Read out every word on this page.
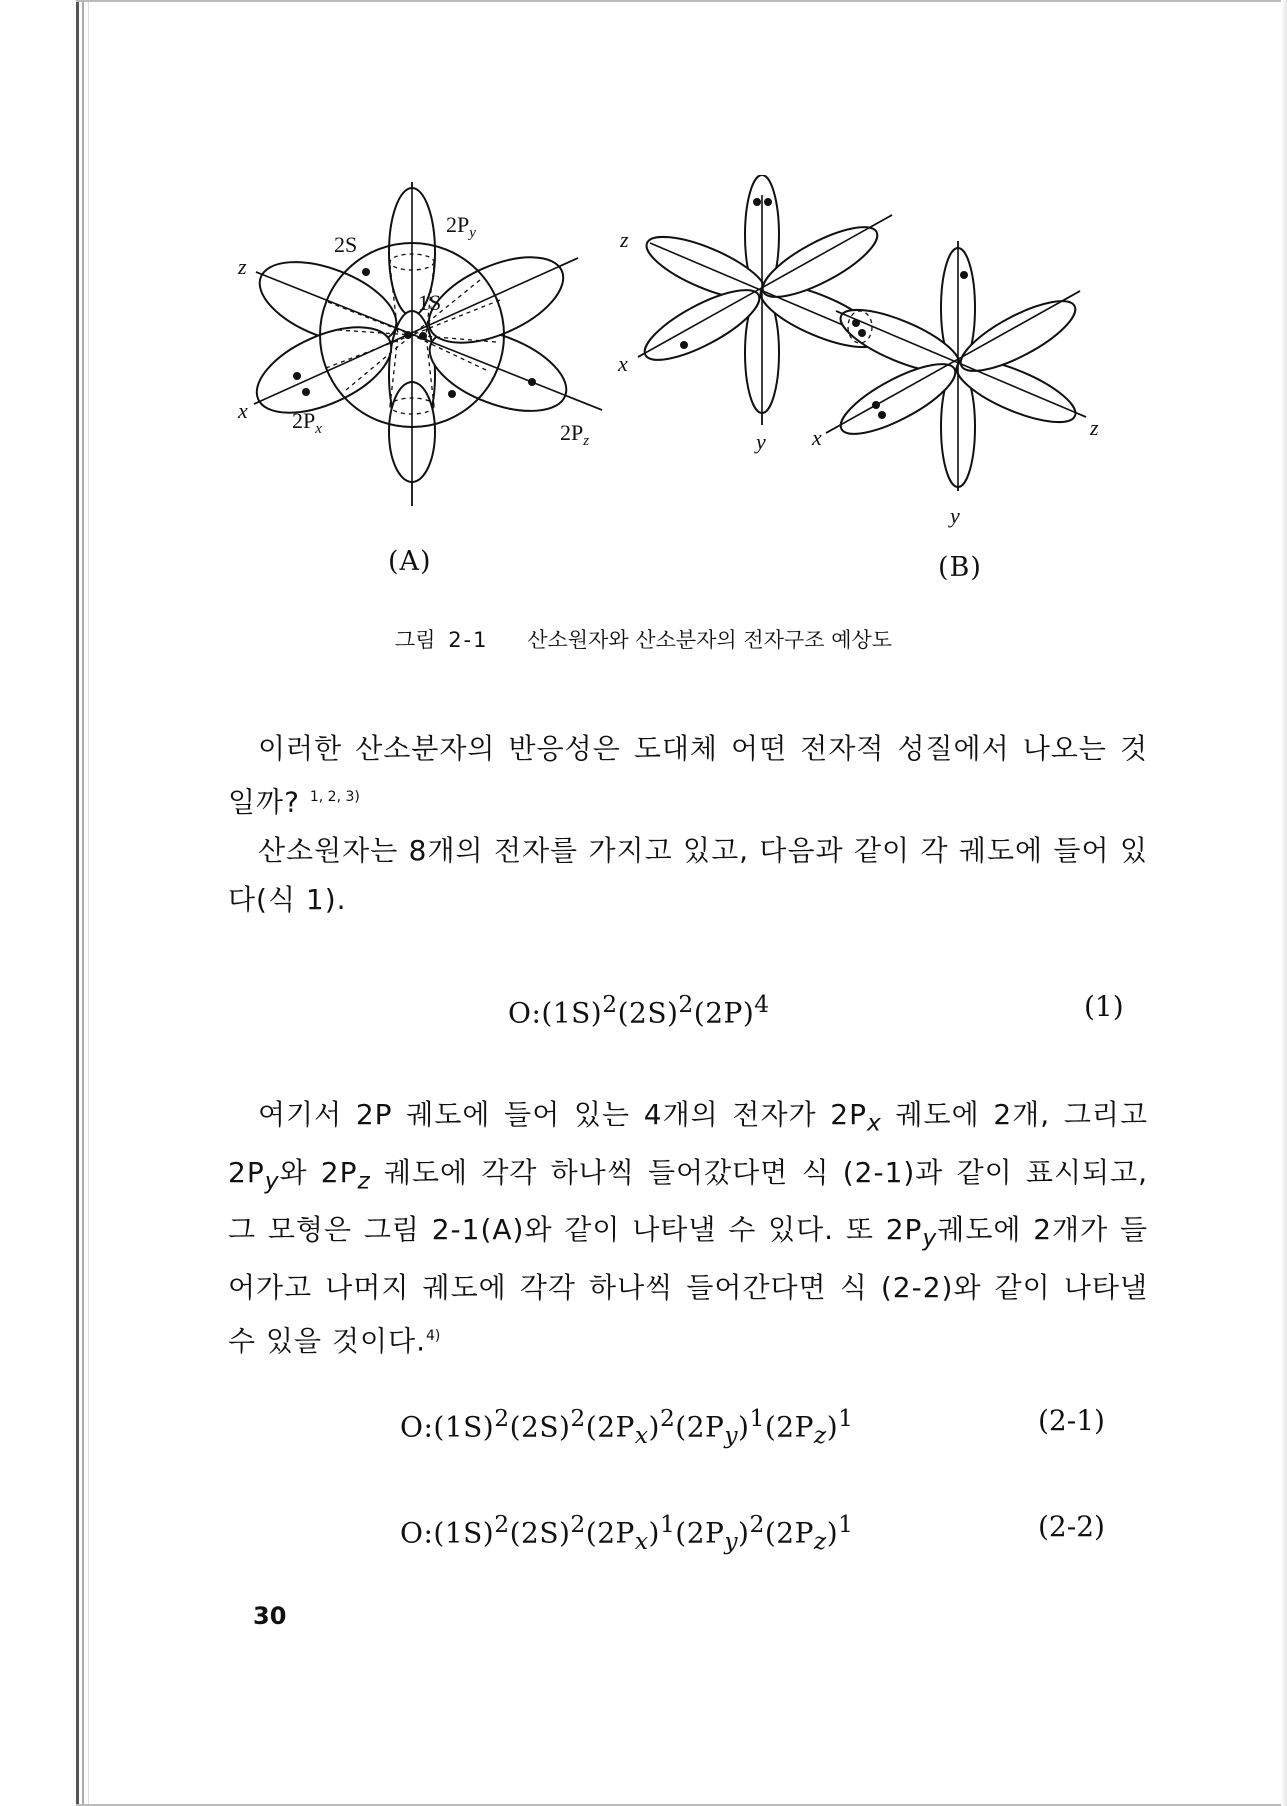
2S
$2P_y$
1S
z
x $2P_x$	$2P_z$
(A)
z
x
y x	z
y
(B)
그림 2-1 산소원자와 산소분자의 전자구조 예상도

이러한 산소분자의 반응성은 도대체 어떤 전자적 성질에서 나오는 것일까? $^{1, 2, 3)}$

산소원자는 8개의 전자를 가지고 있고, 다음과 같이 각 궤도에 들어 있다(식 1).

$O:(1S)^2(2S)^2(2P)^4$	(1)

여기서 2P 궤도에 들어 있는 4개의 전자가 $2P_x$ 궤도에 2개, 그리고 $2P_y$와 $2P_z$ 궤도에 각각 하나씩 들어갔다면 식 (2-1)과 같이 표시되고, 그 모형은 그림 2-1(A)와 같이 나타낼 수 있다. 또 $2P_y$궤도에 2개가 들어가고 나머지 궤도에 각각 하나씩 들어간다면 식 (2-2)와 같이 나타낼 수 있을 것이다.$^{4)}$

$O:(1S)^2(2S)^2(2P_x)^2(2P_y)^1(2P_z)^1$	(2-1)
$O:(1S)^2(2S)^2(2P_x)^1(2P_y)^2(2P_z)^1$	(2-2)
30
